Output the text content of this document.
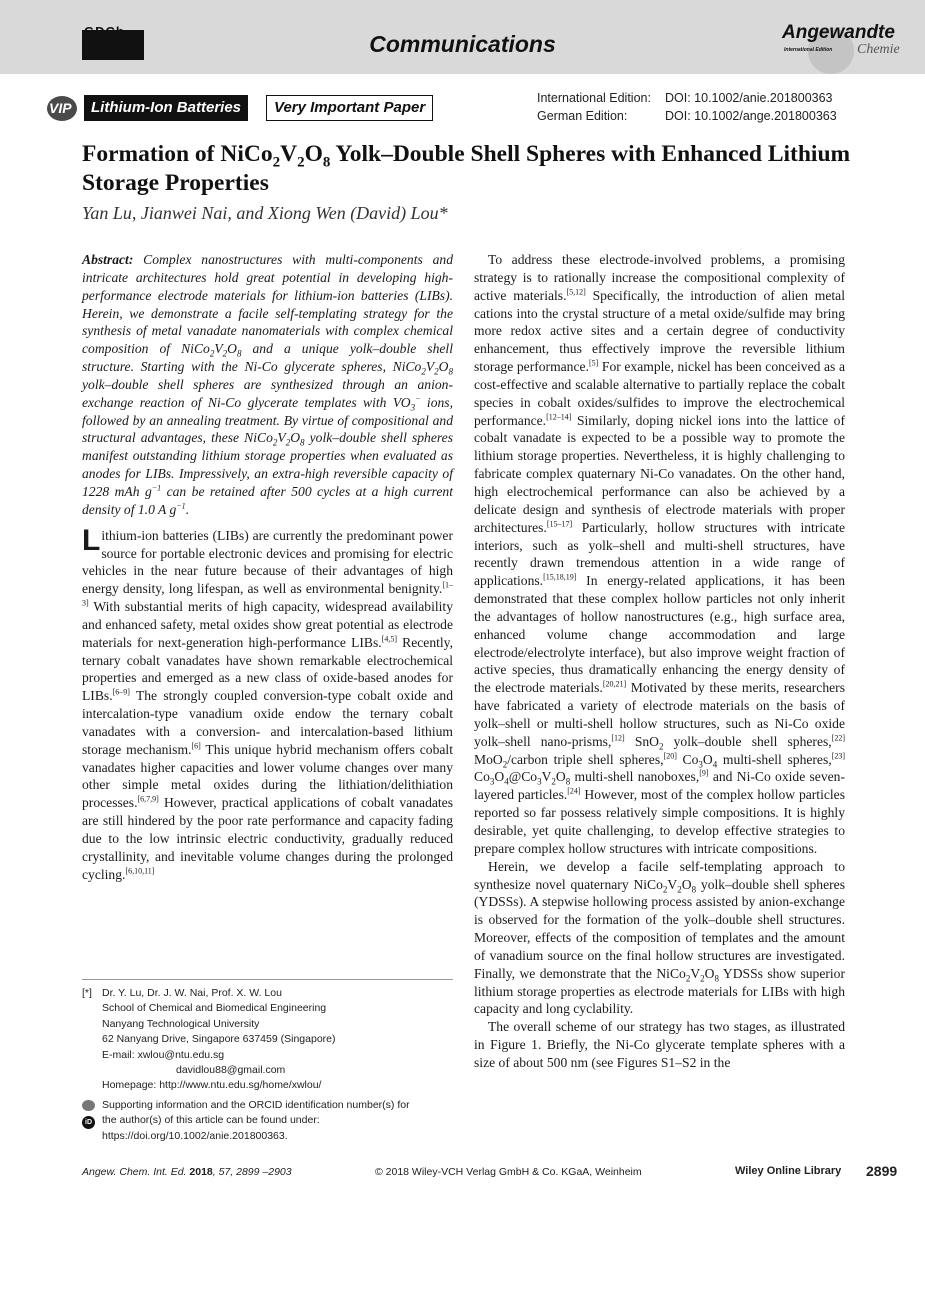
GDCh	Communications	Angewandte
International Edition Chemie
VIP	Lithium-Ion Batteries	Very Important Paper
International Edition: DOI: 10.1002/anie.201800363
German Edition:	DOI: 10.1002/ange.201800363
Formation of $NiCo_2V_2O_8$ Yolk–Double Shell Spheres with Enhanced Lithium Storage Properties
Yan Lu, Jianwei Nai, and Xiong Wen (David) Lou*

Abstract: Complex nanostructures with multi-components and intricate architectures hold great potential in developing high-performance electrode materials for lithium-ion batteries (LIBs). Herein, we demonstrate a facile self-templating strategy for the synthesis of metal vanadate nanomaterials with complex chemical composition of $NiCo_2V_2O_8$ and a unique yolk–double shell structure. Starting with the Ni-Co glycerate spheres, $NiCo_2V_2O_8$ yolk–double shell spheres are synthesized through an anion-exchange reaction of Ni-Co glycerate templates with $VO_3^-$ ions, followed by an annealing treatment. By virtue of compositional and structural advantages, these $NiCo_2V_2O_8$ yolk–double shell spheres manifest outstanding lithium storage properties when evaluated as anodes for LIBs. Impressively, an extra-high reversible capacity of 1228 mAh $g^{-1}$ can be retained after 500 cycles at a high current density of 1.0 A $g^{-1}$.

Lithium-ion batteries (LIBs) are currently the predominant power source for portable electronic devices and promising for electric vehicles in the near future because of their advantages of high energy density, long lifespan, as well as environmental benignity.[1–3] With substantial merits of high capacity, widespread availability and enhanced safety, metal oxides show great potential as electrode materials for next-generation high-performance LIBs.[4,5] Recently, ternary cobalt vanadates have shown remarkable electrochemical properties and emerged as a new class of oxide-based anodes for LIBs.[6–9] The strongly coupled conversion-type cobalt oxide and intercalation-type vanadium oxide endow the ternary cobalt vanadates with a conversion- and intercalation-based lithium storage mechanism.[6] This unique hybrid mechanism offers cobalt vanadates higher capacities and lower volume changes over many other simple metal oxides during the lithiation/delithiation processes.[6,7,9] However, practical applications of cobalt vanadates are still hindered by the poor rate performance and capacity fading due to the low intrinsic electric conductivity, gradually reduced crystallinity, and inevitable volume changes during the prolonged cycling.[6,10,11]

[*] Dr. Y. Lu, Dr. J. W. Nai, Prof. X. W. Lou
School of Chemical and Biomedical Engineering
Nanyang Technological University
62 Nanyang Drive, Singapore 637459 (Singapore)
E-mail: xwlou@ntu.edu.sg
davidlou88@gmail.com
Homepage: http://www.ntu.edu.sg/home/xwlou/
iD
Supporting information and the ORCID identification number(s) for
the author(s) of this article can be found under:
https://doi.org/10.1002/anie.201800363.

To address these electrode-involved problems, a promising strategy is to rationally increase the compositional complexity of active materials.[5,12] Specifically, the introduction of alien metal cations into the crystal structure of a metal oxide/sulfide may bring more redox active sites and a certain degree of conductivity enhancement, thus effectively improve the reversible lithium storage performance.[5] For example, nickel has been conceived as a cost-effective and scalable alternative to partially replace the cobalt species in cobalt oxides/sulfides to improve the electrochemical performance.[12–14] Similarly, doping nickel ions into the lattice of cobalt vanadate is expected to be a possible way to promote the lithium storage properties. Nevertheless, it is highly challenging to fabricate complex quaternary Ni-Co vanadates. On the other hand, high electrochemical performance can also be achieved by a delicate design and synthesis of electrode materials with proper architectures.[15–17] Particularly, hollow structures with intricate interiors, such as yolk–shell and multi-shell structures, have recently drawn tremendous attention in a wide range of applications.[15,18,19] In energy-related applications, it has been demonstrated that these complex hollow particles not only inherit the advantages of hollow nanostructures (e.g., high surface area, enhanced volume change accommodation and large electrode/electrolyte interface), but also improve weight fraction of active species, thus dramatically enhancing the energy density of the electrode materials.[20,21] Motivated by these merits, researchers have fabricated a variety of electrode materials on the basis of yolk–shell or multi-shell hollow structures, such as Ni-Co oxide yolk–shell nano-prisms,[12] SnO$_2$ yolk–double shell spheres,[22] MoO$_2$/carbon triple shell spheres,[20] $Co_3O_4$ multi-shell spheres,[23] $Co_3O_4@Co_3V_2O_8$ multi-shell nanoboxes,[9] and Ni-Co oxide seven-layered particles.[24] However, most of the complex hollow particles reported so far possess relatively simple compositions. It is highly desirable, yet quite challenging, to develop effective strategies to prepare complex hollow structures with intricate compositions.

Herein, we develop a facile self-templating approach to synthesize novel quaternary $NiCo_2V_2O_8$ yolk–double shell spheres (YDSSs). A stepwise hollowing process assisted by anion-exchange is observed for the formation of the yolk–double shell structures. Moreover, effects of the composition of templates and the amount of vanadium source on the final hollow structures are investigated. Finally, we demonstrate that the $NiCo_2V_2O_8$ YDSSs show superior lithium storage properties as electrode materials for LIBs with high capacity and long cyclability.

The overall scheme of our strategy has two stages, as illustrated in Figure 1. Briefly, the Ni-Co glycerate template spheres with a size of about 500 nm (see Figures S1–S2 in the

Angew. Chem. Int. Ed. 2018, 57, 2899 –2903	© 2018 Wiley-VCH Verlag GmbH & Co. KGaA, Weinheim	Wiley Online Library 2899
